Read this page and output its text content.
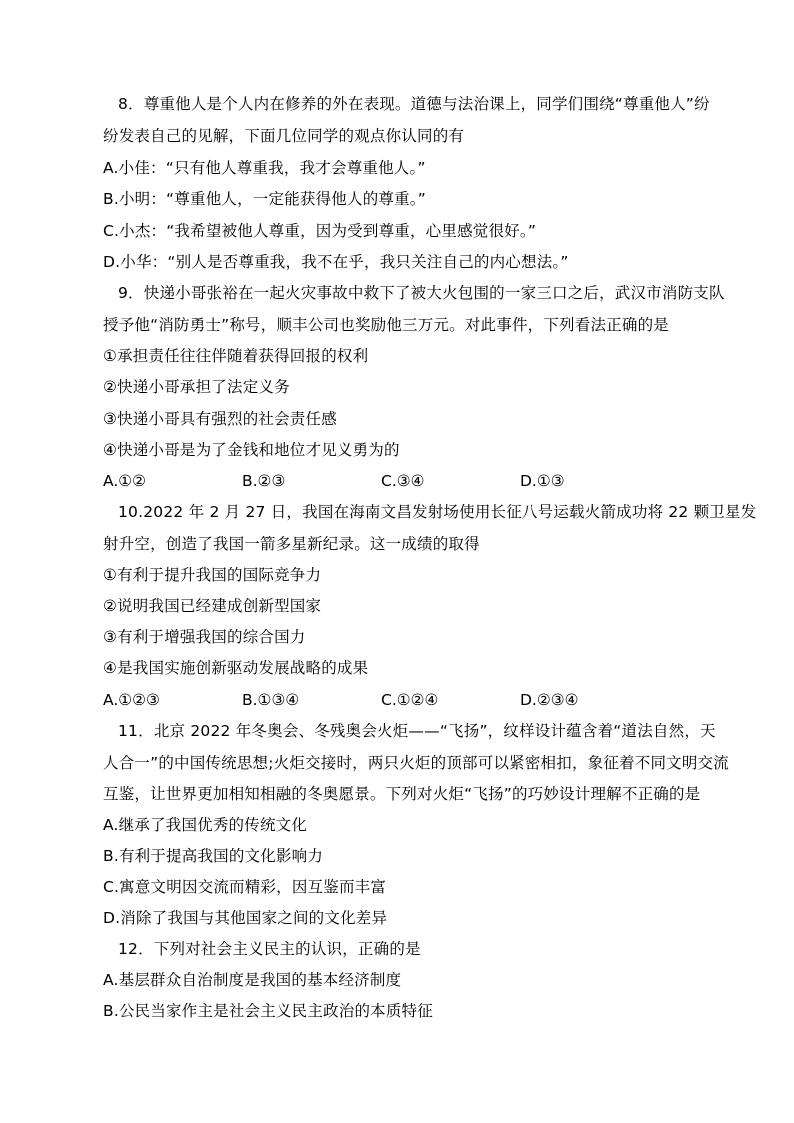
8．尊重他人是个人内在修养的外在表现。道德与法治课上，同学们围绕“尊重他人”纷
纷发表自己的见解，下面几位同学的观点你认同的有
A.小佳：“只有他人尊重我，我才会尊重他人。”
B.小明：“尊重他人，一定能获得他人的尊重。”
C.小杰：“我希望被他人尊重，因为受到尊重，心里感觉很好。”
D.小华：“别人是否尊重我，我不在乎，我只关注自己的内心想法。”
9．快递小哥张裕在一起火灾事故中救下了被大火包围的一家三口之后，武汉市消防支队
授予他“消防勇士”称号，顺丰公司也奖励他三万元。对此事件，下列看法正确的是
①承担责任往往伴随着获得回报的权利
②快递小哥承担了法定义务
③快递小哥具有强烈的社会责任感
④快递小哥是为了金钱和地位才见义勇为的
A.①②	B.②③	C.③④	D.①③
10.2022 年 2 月 27 日，我国在海南文昌发射场使用长征八号运载火箭成功将 22 颗卫星发
射升空，创造了我国一箭多星新纪录。这一成绩的取得
①有利于提升我国的国际竞争力
②说明我国已经建成创新型国家
③有利于增强我国的综合国力
④是我国实施创新驱动发展战略的成果
A.①②③	B.①③④	C.①②④	D.②③④
11．北京 2022 年冬奥会、冬残奥会火炬——“飞扬”，纹样设计蕴含着“道法自然，天
人合一”的中国传统思想;火炬交接时，两只火炬的顶部可以紧密相扣，象征着不同文明交流
互鉴，让世界更加相知相融的冬奥愿景。下列对火炬“飞扬”的巧妙设计理解不正确的是
A.继承了我国优秀的传统文化
B.有利于提高我国的文化影响力
C.寓意文明因交流而精彩，因互鉴而丰富
D.消除了我国与其他国家之间的文化差异
12．下列对社会主义民主的认识，正确的是
A.基层群众自治制度是我国的基本经济制度
B.公民当家作主是社会主义民主政治的本质特征
